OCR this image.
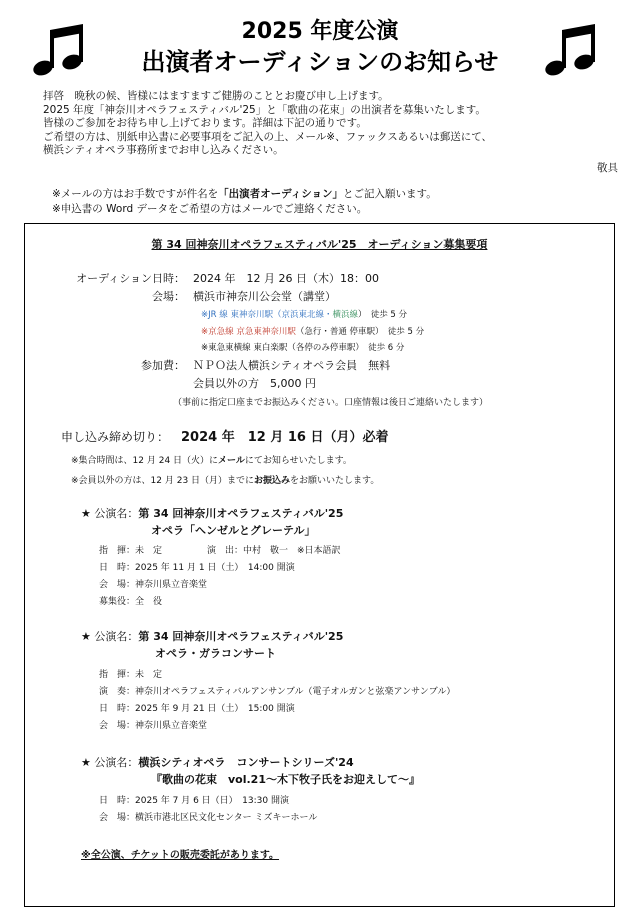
2025 年度公演
出演者オーディションのお知らせ

拝啓　晩秋の候、皆様にはますますご健勝のこととお慶び申し上げます。

2025 年度「神奈川オペラフェスティバル'25」と「歌曲の花束」の出演者を募集いたします。

皆様のご参加をお待ち申し上げております。詳細は下記の通りです。

ご希望の方は、別紙申込書に必要事項をご記入の上、メール※、ファックスあるいは郵送にて、

横浜シティオペラ事務所までお申し込みください。

敬具
※メールの方はお手数ですが件名を「出演者オーディション」とご記入願います。
※申込書の Word データをご希望の方はメールでご連絡ください。
第 34 回神奈川オペラフェスティバル'25　オーディション募集要項
オーディション日時： 2024 年　12 月 26 日（木）18：00
会場： 横浜市神奈川公会堂（講堂）
※JR 線 東神奈川駅（京浜東北線・横浜線）　徒歩 5 分
※京急線 京急東神奈川駅（急行・普通 停車駅）　徒歩 5 分
※東急東横線 東白楽駅（各停のみ停車駅）　徒歩 6 分
参加費： ＮＰＯ法人横浜シティオペラ会員　無料
会員以外の方　5,000 円
（事前に指定口座までお振込みください。口座情報は後日ご連絡いたします）
申し込み締め切り： 2024 年　12 月 16 日（月）必着
※集合時間は、12 月 24 日（火）にメールにてお知らせいたします。
※会員以外の方は、12 月 23 日（月）までにお振込みをお願いいたします。
★ 公演名：第 34 回神奈川オペラフェスティバル'25
オペラ「ヘンゼルとグレーテル」
指　揮：未　定　　　　　演　出：中村　敬一　※日本語訳
日　時：2025 年 11 月 1 日（土）　14:00 開演
会　場：神奈川県立音楽堂
募集役：全　役
★ 公演名：第 34 回神奈川オペラフェスティバル'25
オペラ・ガラコンサート
指　揮：未　定
演　奏：神奈川オペラフェスティバルアンサンブル（電子オルガンと弦楽アンサンブル）
日　時：2025 年 9 月 21 日（土）　15:00 開演
会　場：神奈川県立音楽堂
★ 公演名：横浜シティオペラ　コンサートシリーズ'24
『歌曲の花束　vol.21～木下牧子氏をお迎えして～』
日　時：2025 年 7 月 6 日（日）　13:30 開演
会　場：横浜市港北区民文化センター ミズキーホール
※全公演、チケットの販売委託があります。
